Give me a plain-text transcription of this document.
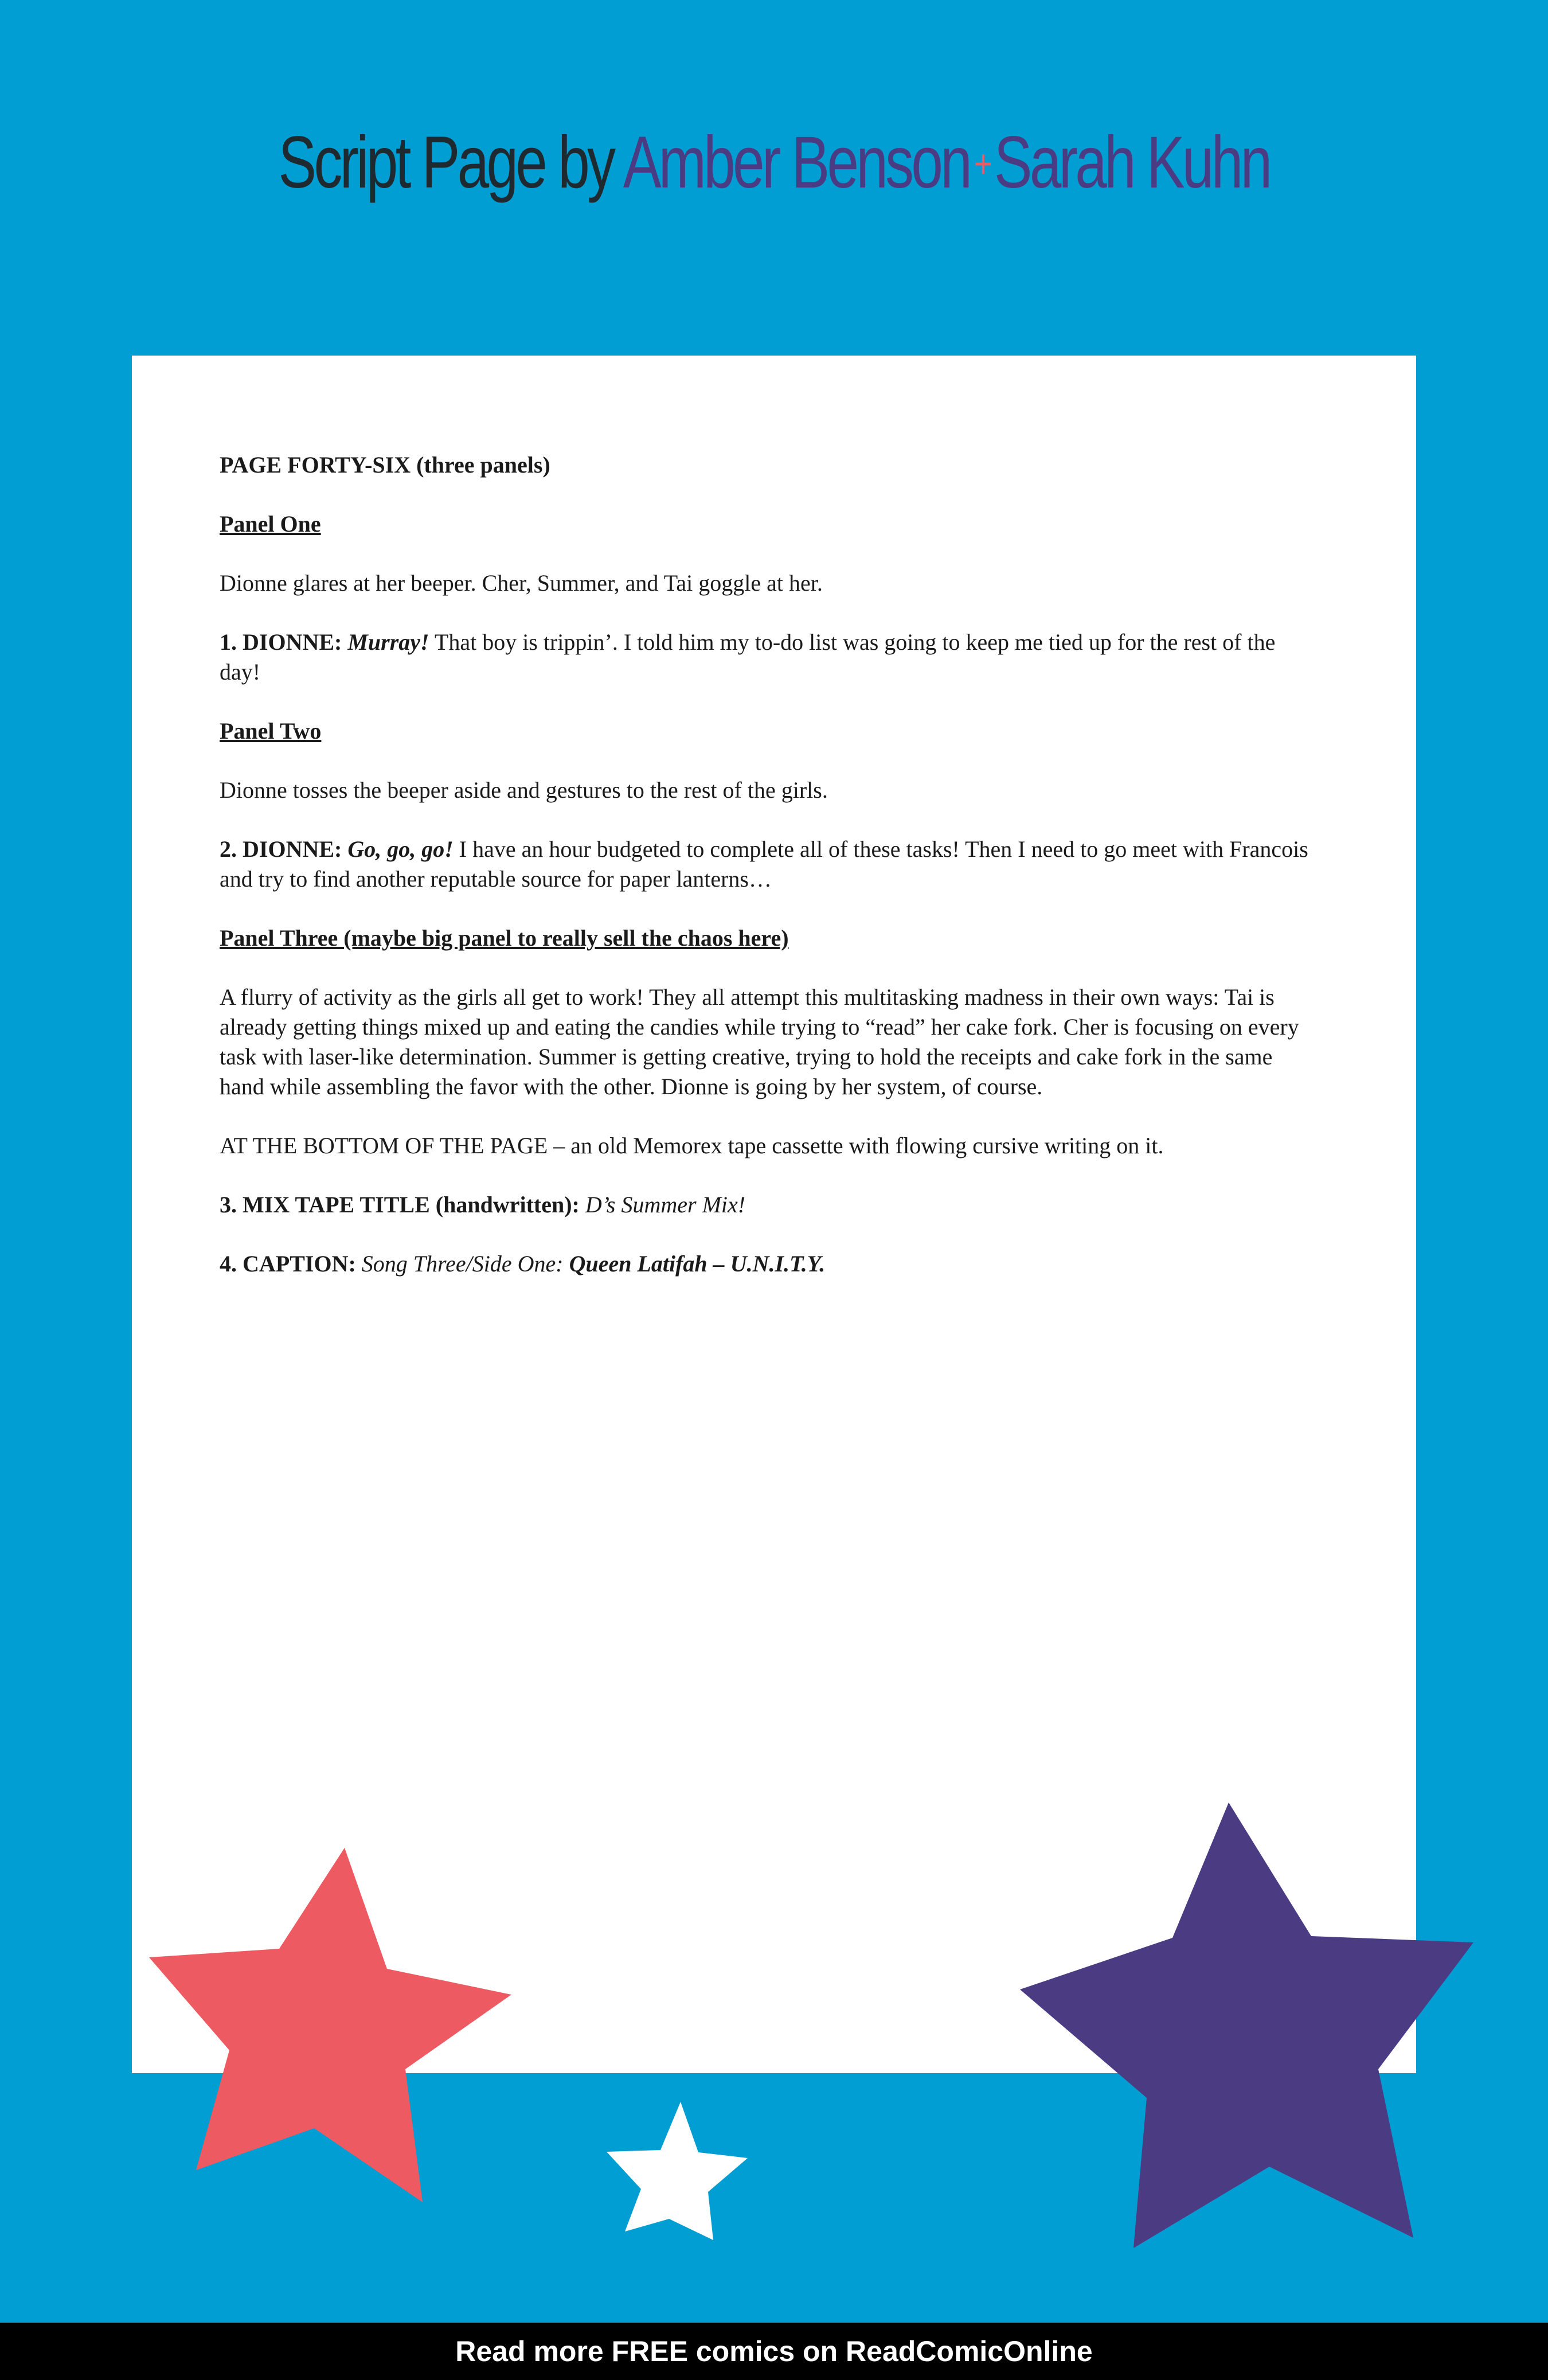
Script Page by Amber Benson +Sarah Kuhn

PAGE FORTY-SIX (three panels)

Panel One

Dionne glares at her beeper. Cher, Summer, and Tai goggle at her.

1. DIONNE: Murray! That boy is trippin’. I told him my to-do list was going to keep me tied up for the rest of the day!

Panel Two

Dionne tosses the beeper aside and gestures to the rest of the girls.

2. DIONNE: Go, go, go! I have an hour budgeted to complete all of these tasks! Then I need to go meet with Francois and try to find another reputable source for paper lanterns…

Panel Three (maybe big panel to really sell the chaos here)

A flurry of activity as the girls all get to work! They all attempt this multitasking madness in their own ways: Tai is already getting things mixed up and eating the candies while trying to “read” her cake fork. Cher is focusing on every task with laser-like determination. Summer is getting creative, trying to hold the receipts and cake fork in the same hand while assembling the favor with the other. Dionne is going by her system, of course.

AT THE BOTTOM OF THE PAGE – an old Memorex tape cassette with flowing cursive writing on it.

3. MIX TAPE TITLE (handwritten): D’s Summer Mix!

4. CAPTION: Song Three/Side One: Queen Latifah – U.N.I.T.Y.

Read more FREE comics on ReadComicOnline
